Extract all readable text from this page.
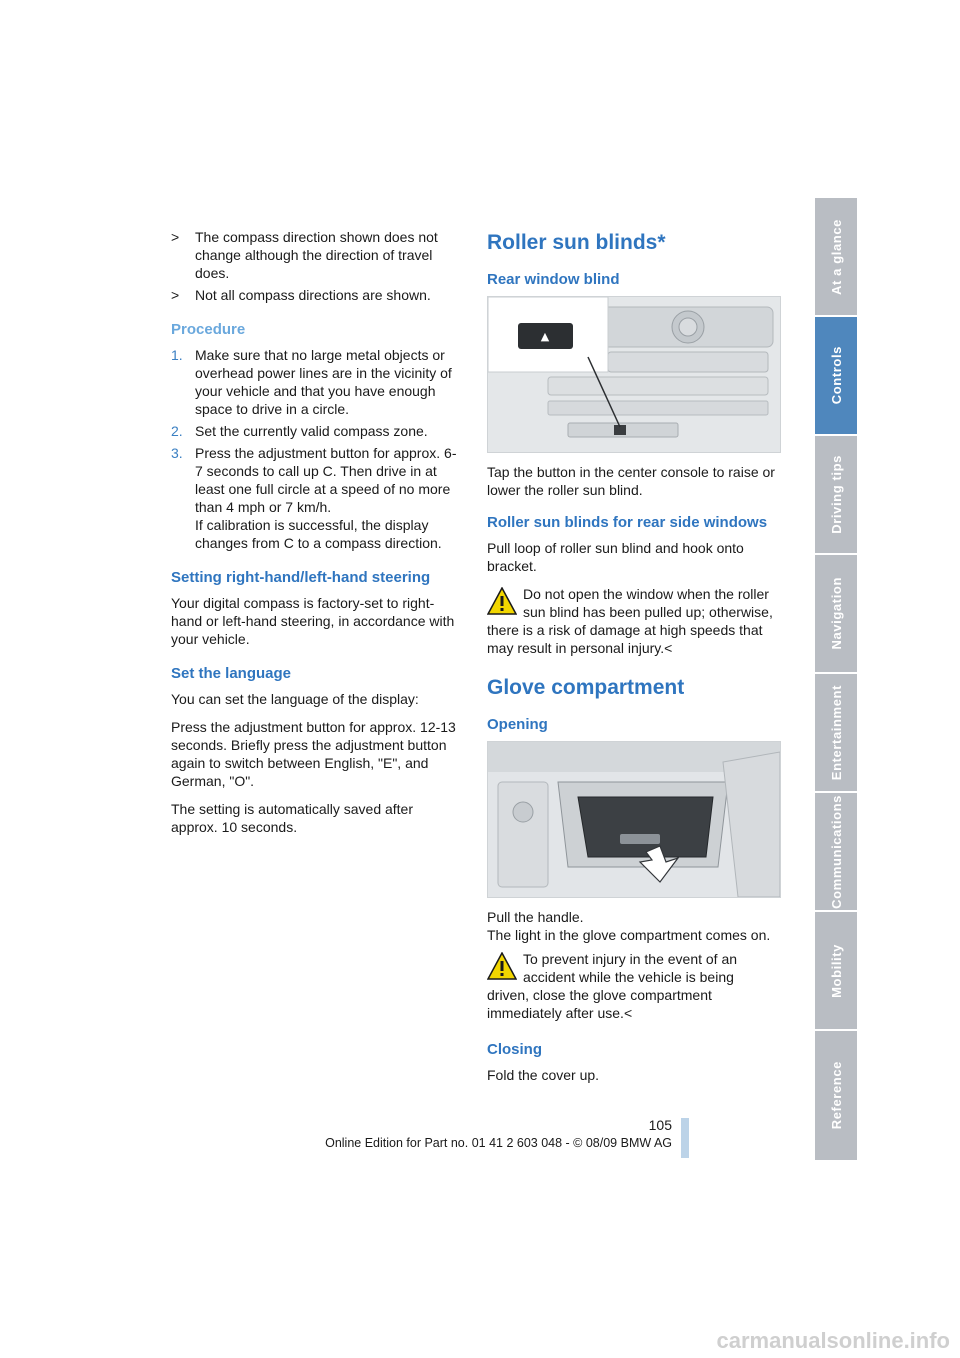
>	The compass direction shown does not change although the direction of travel does.
>	Not all compass directions are shown.
Procedure
1. Make sure that no large metal objects or overhead power lines are in the vicinity of your vehicle and that you have enough space to drive in a circle.
2. Set the currently valid compass zone.
3. Press the adjustment button for approx. 6-7 seconds to call up C. Then drive in at least one full circle at a speed of no more than 4 mph or 7 km/h.
If calibration is successful, the display changes from C to a compass direction.
Setting right-hand/left-hand steering

Your digital compass is factory-set to right-hand or left-hand steering, in accordance with your vehicle.

Set the language

You can set the language of the display:

Press the adjustment button for approx. 12-13 seconds. Briefly press the adjustment button again to switch between English, "E", and German, "O".

The setting is automatically saved after approx. 10 seconds.

Roller sun blinds*
Rear window blind
▲

Tap the button in the center console to raise or lower the roller sun blind.

Roller sun blinds for rear side windows

Pull loop of roller sun blind and hook onto bracket.

Do not open the window when the roller sun blind has been pulled up; otherwise, there is a risk of damage at high speeds that may result in personal injury.<
Glove compartment
Opening

Pull the handle.
The light in the glove compartment comes on.

To prevent injury in the event of an accident while the vehicle is being driven, close the glove compartment immediately after use.<
Closing

Fold the cover up.

At a glance
Controls
Driving tips
Navigation
Entertainment
Communications
Mobility
Reference
105
Online Edition for Part no. 01 41 2 603 048 - © 08/09 BMW AG
carmanualsonline.info
